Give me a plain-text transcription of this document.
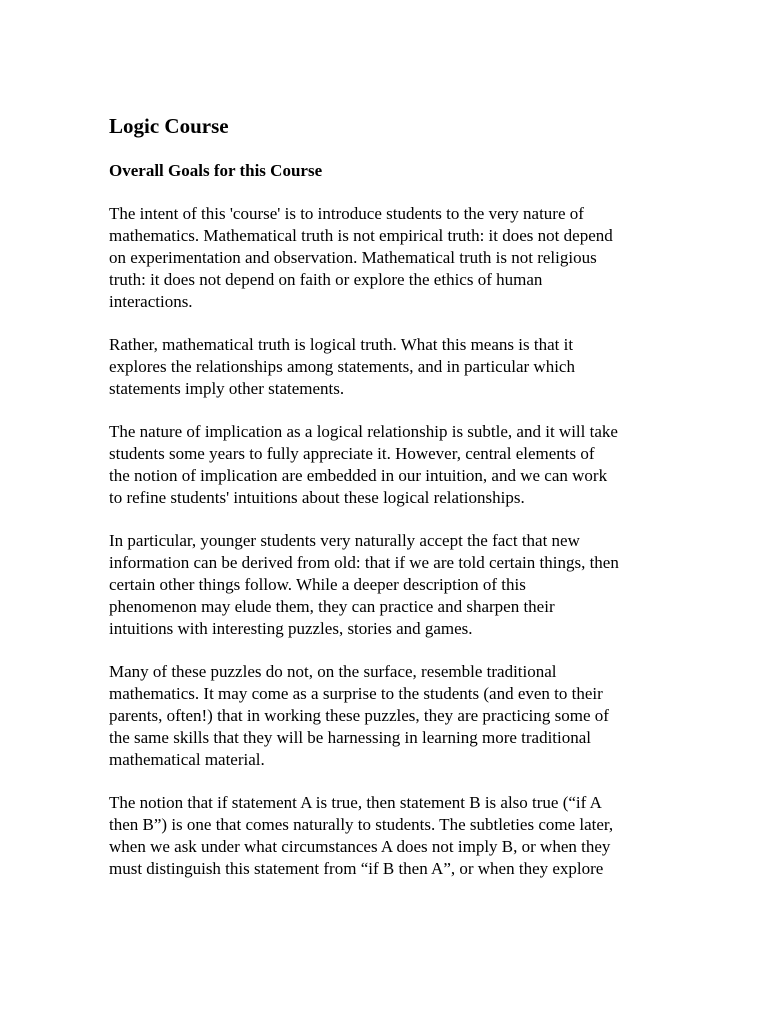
Logic Course
Overall Goals for this Course

The intent of this 'course' is to introduce students to the very nature of
mathematics. Mathematical truth is not empirical truth: it does not depend
on experimentation and observation. Mathematical truth is not religious
truth: it does not depend on faith or explore the ethics of human
interactions.

Rather, mathematical truth is logical truth. What this means is that it
explores the relationships among statements, and in particular which
statements imply other statements.

The nature of implication as a logical relationship is subtle, and it will take
students some years to fully appreciate it. However, central elements of
the notion of implication are embedded in our intuition, and we can work
to refine students' intuitions about these logical relationships.

In particular, younger students very naturally accept the fact that new
information can be derived from old: that if we are told certain things, then
certain other things follow. While a deeper description of this
phenomenon may elude them, they can practice and sharpen their
intuitions with interesting puzzles, stories and games.

Many of these puzzles do not, on the surface, resemble traditional
mathematics. It may come as a surprise to the students (and even to their
parents, often!) that in working these puzzles, they are practicing some of
the same skills that they will be harnessing in learning more traditional
mathematical material.

The notion that if statement A is true, then statement B is also true (“if A
then B”) is one that comes naturally to students. The subtleties come later,
when we ask under what circumstances A does not imply B, or when they
must distinguish this statement from “if B then A”, or when they explore
